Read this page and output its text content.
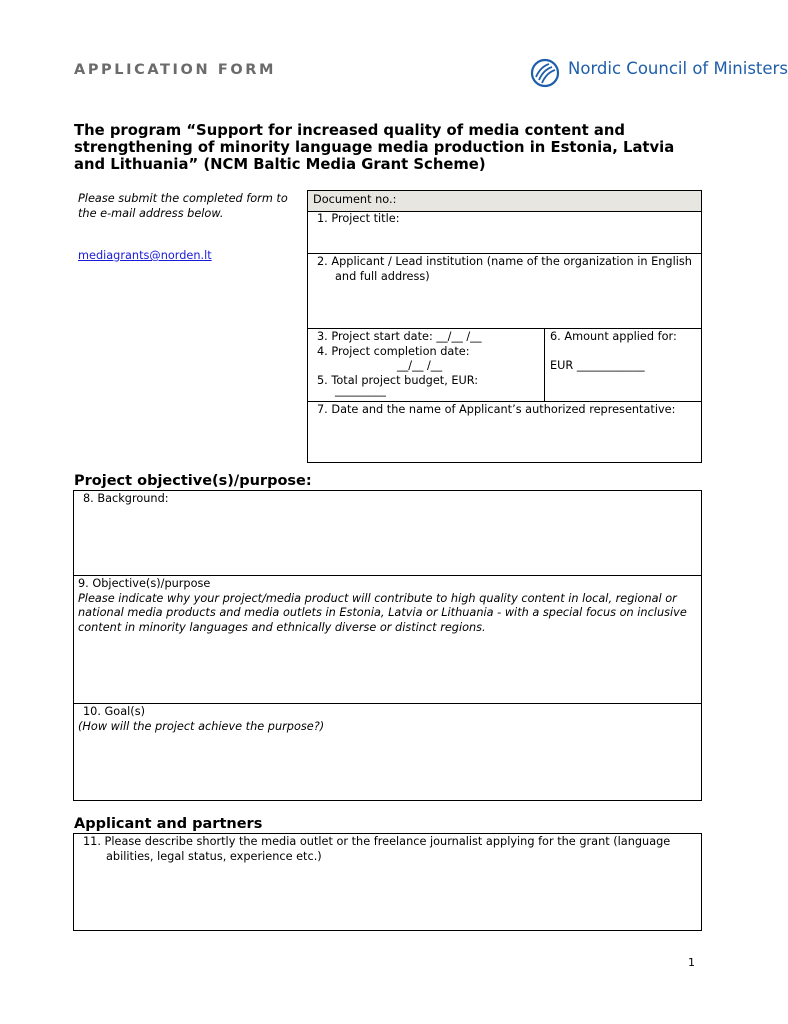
APPLICATION FORM	Nordic Council of Ministers
The program “Support for increased quality of media content and strengthening of minority language media production in Estonia, Latvia and Lithuania” (NCM Baltic Media Grant Scheme)
Please submit the completed form to
the e-mail address below.
mediagrants@norden.lt
Document no.:
1. Project title:
2. Applicant / Lead institution (name of the organization in English and full address)
3. Project start date: __/__ /__
4. Project completion date:
__/__ /__
5. Total project budget, EUR:
_________
6. Amount applied for:
EUR ____________
7. Date and the name of Applicant’s authorized representative:
Project objective(s)/purpose:
8. Background:
9. Objective(s)/purpose
Please indicate why your project/media product will contribute to high quality content in local, regional or national media products and media outlets in Estonia, Latvia or Lithuania - with a special focus on inclusive content in minority languages and ethnically diverse or distinct regions.
10. Goal(s)
(How will the project achieve the purpose?)
Applicant and partners
11. Please describe shortly the media outlet or the freelance journalist applying for the grant (language abilities, legal status, experience etc.)
1
